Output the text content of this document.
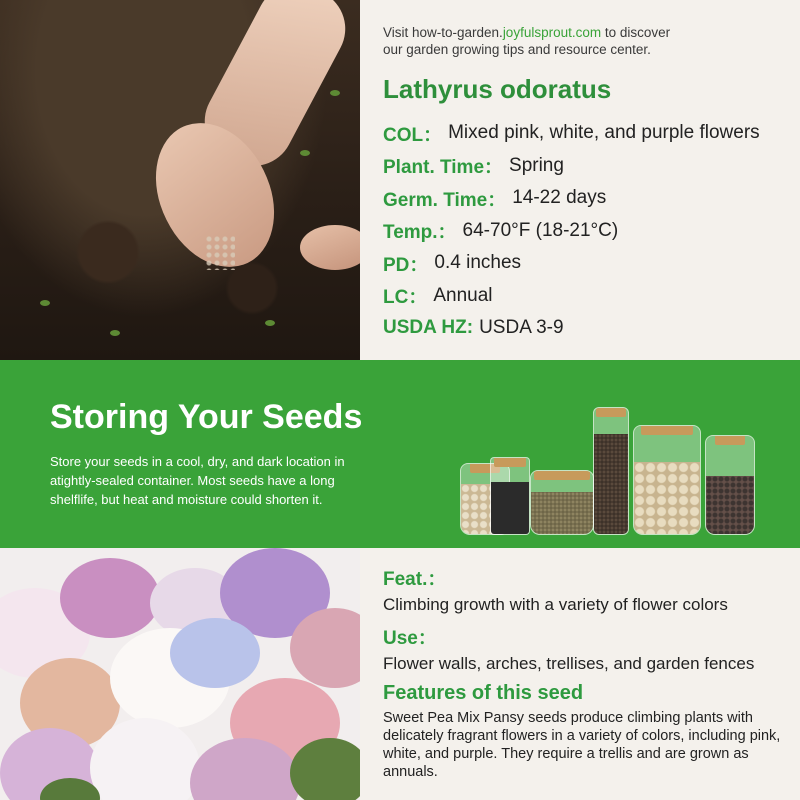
Visit how-to-garden.joyfulsprout.com to discover
our garden growing tips and resource center.

Lathyrus odoratus
COL： Mixed pink, white, and purple flowers
Plant. Time： Spring
Germ. Time： 14-22 days
Temp.： 64-70°F (18-21°C)
PD： 0.4 inches
LC： Annual
USDA HZ: USDA 3-9
Storing Your Seeds

Store your seeds in a cool, dry, and dark location in atightly-sealed container. Most seeds have a long shelflife, but heat and moisture could shorten it.

Feat.：
Climbing growth with a variety of flower colors
Use：
Flower walls, arches, trellises, and garden fences
Features of this seed

Sweet Pea Mix Pansy seeds produce climbing plants with delicately fragrant flowers in a variety of colors, including pink, white, and purple. They require a trellis and are grown as annuals.
